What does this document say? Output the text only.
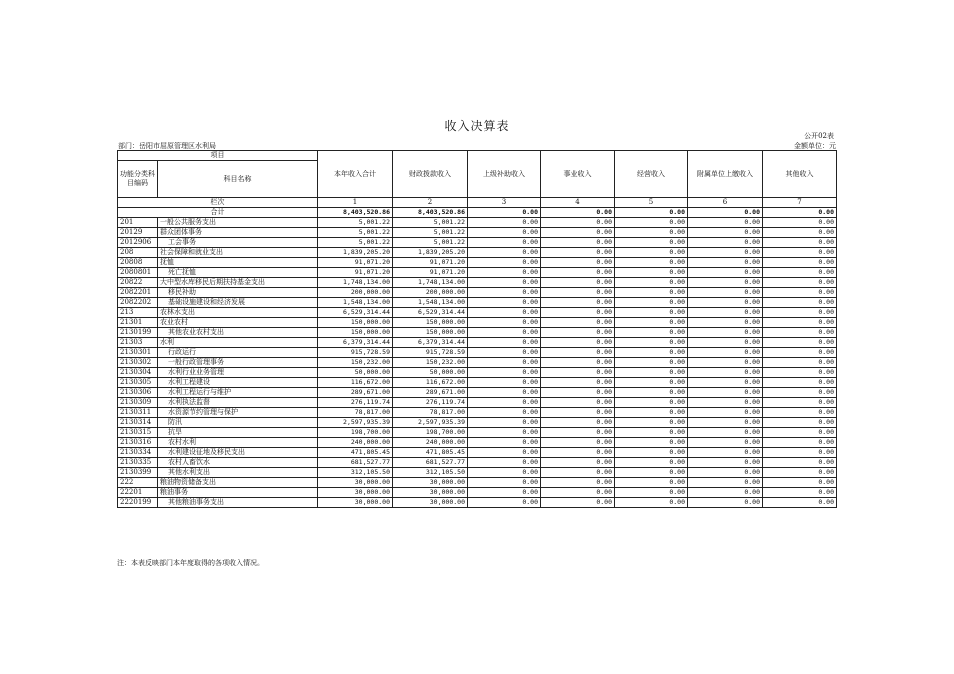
收入决算表
公开02表
部门：岳阳市屈原管理区水利局	金额单位：元
项目		本年收入合计	财政拨款收入	上级补助收入	事业收入	经营收入	附属单位上缴收入	其他收入
功能分类科目编码	科目名称							

栏次		1	2	3	4	5	6	7
合计		8,403,520.86	8,403,520.86	0.00	0.00	0.00	0.00	0.00
201	一般公共服务支出	5,001.22	5,001.22	0.00	0.00	0.00	0.00	0.00
20129	群众团体事务	5,001.22	5,001.22	0.00	0.00	0.00	0.00	0.00
2012906	工会事务	5,001.22	5,001.22	0.00	0.00	0.00	0.00	0.00
208	社会保障和就业支出	1,839,205.20	1,839,205.20	0.00	0.00	0.00	0.00	0.00
20808	抚恤	91,071.20	91,071.20	0.00	0.00	0.00	0.00	0.00
2080801	死亡抚恤	91,071.20	91,071.20	0.00	0.00	0.00	0.00	0.00
20822	大中型水库移民后期扶持基金支出	1,748,134.00	1,748,134.00	0.00	0.00	0.00	0.00	0.00
2082201	移民补助	200,000.00	200,000.00	0.00	0.00	0.00	0.00	0.00
2082202	基础设施建设和经济发展	1,548,134.00	1,548,134.00	0.00	0.00	0.00	0.00	0.00
213	农林水支出	6,529,314.44	6,529,314.44	0.00	0.00	0.00	0.00	0.00
21301	农业农村	150,000.00	150,000.00	0.00	0.00	0.00	0.00	0.00
2130199	其他农业农村支出	150,000.00	150,000.00	0.00	0.00	0.00	0.00	0.00
21303	水利	6,379,314.44	6,379,314.44	0.00	0.00	0.00	0.00	0.00
2130301	行政运行	915,728.59	915,728.59	0.00	0.00	0.00	0.00	0.00
2130302	一般行政管理事务	150,232.00	150,232.00	0.00	0.00	0.00	0.00	0.00
2130304	水利行业业务管理	50,000.00	50,000.00	0.00	0.00	0.00	0.00	0.00
2130305	水利工程建设	116,672.00	116,672.00	0.00	0.00	0.00	0.00	0.00
2130306	水利工程运行与维护	289,671.00	289,671.00	0.00	0.00	0.00	0.00	0.00
2130309	水利执法监督	276,119.74	276,119.74	0.00	0.00	0.00	0.00	0.00
2130311	水资源节约管理与保护	78,817.00	78,817.00	0.00	0.00	0.00	0.00	0.00
2130314	防汛	2,597,935.39	2,597,935.39	0.00	0.00	0.00	0.00	0.00
2130315	抗旱	198,700.00	198,700.00	0.00	0.00	0.00	0.00	0.00
2130316	农村水利	240,000.00	240,000.00	0.00	0.00	0.00	0.00	0.00
2130334	水利建设征地及移民支出	471,805.45	471,805.45	0.00	0.00	0.00	0.00	0.00
2130335	农村人畜饮水	681,527.77	681,527.77	0.00	0.00	0.00	0.00	0.00
2130399	其他水利支出	312,105.50	312,105.50	0.00	0.00	0.00	0.00	0.00
222	粮油物资储备支出	30,000.00	30,000.00	0.00	0.00	0.00	0.00	0.00
22201	粮油事务	30,000.00	30,000.00	0.00	0.00	0.00	0.00	0.00
2220199	其他粮油事务支出	30,000.00	30,000.00	0.00	0.00	0.00	0.00	0.00
注：本表反映部门本年度取得的各项收入情况。
